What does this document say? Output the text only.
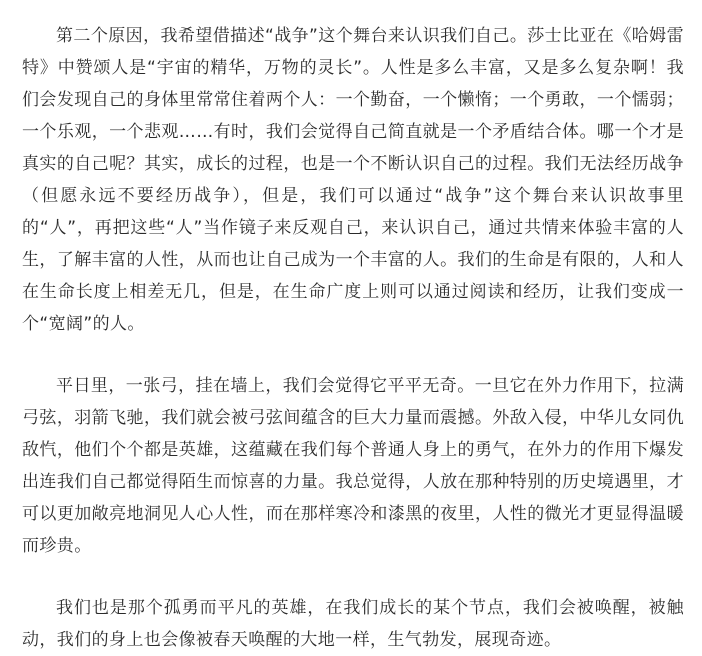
第二个原因，我希望借描述“战争”这个舞台来认识我们自己。莎士比亚在《哈姆雷特》中赞颂人是“宇宙的精华，万物的灵长”。人性是多么丰富，又是多么复杂啊！我们会发现自己的身体里常常住着两个人：一个勤奋，一个懒惰；一个勇敢，一个懦弱；一个乐观，一个悲观……有时，我们会觉得自己简直就是一个矛盾结合体。哪一个才是真实的自己呢？其实，成长的过程，也是一个不断认识自己的过程。我们无法经历战争（但愿永远不要经历战争），但是，我们可以通过“战争”这个舞台来认识故事里的“人”，再把这些“人”当作镜子来反观自己，来认识自己，通过共情来体验丰富的人生，了解丰富的人性，从而也让自己成为一个丰富的人。我们的生命是有限的，人和人在生命长度上相差无几，但是，在生命广度上则可以通过阅读和经历，让我们变成一个“宽阔”的人。

平日里，一张弓，挂在墙上，我们会觉得它平平无奇。一旦它在外力作用下，拉满弓弦，羽箭飞驰，我们就会被弓弦间蕴含的巨大力量而震撼。外敌入侵，中华儿女同仇敌忾，他们个个都是英雄，这蕴藏在我们每个普通人身上的勇气，在外力的作用下爆发出连我们自己都觉得陌生而惊喜的力量。我总觉得，人放在那种特别的历史境遇里，才可以更加敞亮地洞见人心人性，而在那样寒冷和漆黑的夜里，人性的微光才更显得温暖而珍贵。

我们也是那个孤勇而平凡的英雄，在我们成长的某个节点，我们会被唤醒，被触动，我们的身上也会像被春天唤醒的大地一样，生气勃发，展现奇迹。
